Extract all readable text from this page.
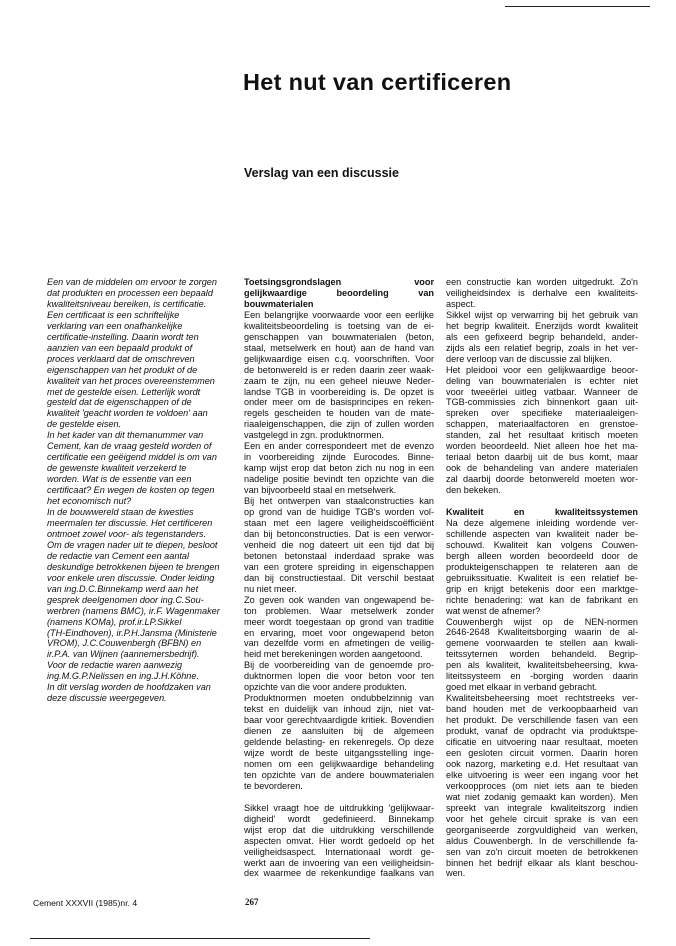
Het nut van certificeren
Verslag van een discussie
Een van de middelen om ervoor te zorgen
dat produkten en processen een bepaald
kwaliteitsniveau bereiken, is certificatie.
Een certificaat is een schriftelijke
verklaring van een onafhankelijke
certificatie-instelling. Daarin wordt ten
aanzien van een bepaald produkt of
proces verklaard dat de omschreven
eigenschappen van het produkt of de
kwaliteit van het proces overeenstemmen
met de gestelde eisen. Letterlijk wordt
gesteld dat de eigenschappen of de
kwaliteit 'geacht worden te voldoen' aan
de gestelde eisen.
In het kader van dit themanummer van
Cement, kan de vraag gesteld worden of
certificatie een geëigend middel is om van
de gewenste kwaliteit verzekerd te
worden. Wat is de essentie van een
certificaat? En wegen de kosten op tegen
het economisch nut?
In de bouwwereld staan de kwesties
meermalen ter discussie. Het certificeren
ontmoet zowel voor- als tegenstanders.
Om de vragen nader uit te diepen, besloot
de redactie van Cement een aantal
deskundige betrokkenen bijeen te brengen
voor enkele uren discussie. Onder leiding
van ing.D.C.Binnekamp werd aan het
gesprek deelgenomen door ing.C.Sou-
werbren (namens BMC), ir.F. Wagenmaker
(namens KOMa), prof.ir.LP.Sikkel
(TH-Eindhoven), ir.P.H.Jansma (Ministerie
VROM), J.C.Couwenbergh (BFBN) en
ir.P.A. van Wijnen (aannemersbedrijf).
Voor de redactie waren aanwezig
ing.M.G.P.Nelissen en ing.J.H.Köhne.
In dit verslag worden de hoofdzaken van
deze discussie weergegeven.
Toetsingsgrondslagen voor
gelijkwaardige beoordeling van
bouwmaterialen
Een belangrijke voorwaarde voor een eerlijke
kwaliteitsbeoordeling is toetsing van de ei-
genschappen van bouwmaterialen (beton,
staal, metselwerk en hout) aan de hand van
gelijkwaardige eisen c.q. voorschriften. Voor
de betonwereld is er reden daarin zeer waak-
zaam te zijn, nu een geheel nieuwe Neder-
landse TGB in voorbereiding is. De opzet is
onder meer om de basisprincipes en reken-
regels gescheiden te houden van de mate-
riaaleigenschappen, die zijn of zullen worden
vastgelegd in zgn. produktnormen.
Een en ander correspondeert met de evenzo
in voorbereiding zijnde Eurocodes. Binne-
kamp wijst erop dat beton zich nu nog in een
nadelige positie bevindt ten opzichte van die
van bijvoorbeeld staal en metselwerk.
Bij het ontwerpen van staalconstructies kan
op grond van de huidige TGB's worden vol-
staan met een lagere veiligheidscoëfficiënt
dan bij betonconstructies. Dat is een verwor-
venheid die nog dateert uit een tijd dat bij
betonen betonstaal inderdaad sprake was
van een grotere spreiding in eigenschappen
dan bij constructiestaal. Dit verschil bestaat
nu niet meer.
Zo geven ook wanden van ongewapend be-
ton problemen. Waar metselwerk zonder
meer wordt toegestaan op grond van traditie
en ervaring, moet voor ongewapend beton
van dezelfde vorm en afmetingen de veilig-
heid met berekeningen worden aangetoond.
Bij de voorbereiding van de genoemde pro-
duktnormen lopen die voor beton voor ten
opzichte van die voor andere produkten.
Produktnormen moeten ondubbelzinnig van
tekst en duidelijk van inhoud zijn, niet vat-
baar voor gerechtvaardigde kritiek. Bovendien
dienen ze aansluiten bij de algemeen
geldende belasting- en rekenregels. Op deze
wijze wordt de beste uitgangsstelling inge-
nomen om een gelijkwaardige behandeling
ten opzichte van de andere bouwmaterialen
te bevorderen.
Sikkel vraagt hoe de uitdrukking 'gelijkwaar-
digheid' wordt gedefinieerd. Binnekamp
wijst erop dat die uitdrukking verschillende
aspecten omvat. Hier wordt gedoeld op het
veiligheidsaspect. Internationaal wordt ge-
werkt aan de invoering van een veiligheidsin-
dex waarmee de rekenkundige faalkans van
een constructie kan worden uitgedrukt. Zo'n
veiligheidsindex is derhalve een kwaliteits-
aspect.
Sikkel wijst op verwarring bij het gebruik van
het begrip kwaliteit. Enerzijds wordt kwaliteit
als een gefixeerd begrip behandeld, ander-
zijds als een relatief begrip, zoals in het ver-
dere verloop van de discussie zal blijken.
Het pleidooi voor een gelijkwaardige beoor-
deling van bouwmaterialen is echter niet
voor tweeërlei uitleg vatbaar. Wanneer de
TGB-commissies zich binnenkort gaan uit-
spreken over specifieke materiaaleigen-
schappen, materiaalfactoren en grenstoe-
standen, zal het resultaat kritisch moeten
worden beoordeeld. Niet alleen hoe het ma-
teriaal beton daarbij uit de bus komt, maar
ook de behandeling van andere materialen
zal daarbij doorde betonwereld moeten wor-
den bekeken.
Kwaliteit en kwaliteitssystemen
Na deze algemene inleiding wordende ver-
schillende aspecten van kwaliteit nader be-
schouwd. Kwaliteit kan volgens Couwen-
bergh alleen worden beoordeeld door de
produkteigenschappen te relateren aan de
gebruikssituatie. Kwaliteit is een relatief be-
grip en krijgt betekenis door een marktge-
richte benadering: wat kan de fabrikant en
wat wenst de afnemer?
Couwenbergh wijst op de NEN-normen
2646-2648 Kwaliteitsborging waarin de al-
gemene voorwaarden te stellen aan kwali-
teitssyternen worden behandeld. Begrip-
pen als kwaliteit, kwaliteitsbeheersing, kwa-
liteitssysteem en -borging worden daarin
goed met elkaar in verband gebracht.
Kwaliteitsbeheersing moet rechtstreeks ver-
band houden met de verkoopbaarheid van
het produkt. De verschillende fasen van een
produkt, vanaf de opdracht via produktspe-
cificatie en uitvoering naar resultaat, moeten
een gesloten circuit vormen. Daarin horen
ook nazorg, marketing e.d. Het resultaat van
elke uitvoering is weer een ingang voor het
verkoopproces (om niet iets aan te bieden
wat niet zodanig gemaakt kan worden). Men
spreekt van integrale kwaliteitszorg indien
voor het gehele circuit sprake is van een
georganiseerde zorgvuldigheid van werken,
aldus Couwenbergh. In de verschillende fa-
sen van zo'n circuit moeten de betrokkenen
binnen het bedrijf elkaar als klant beschou-
wen.
Cement XXXVII (1985)nr. 4	267
